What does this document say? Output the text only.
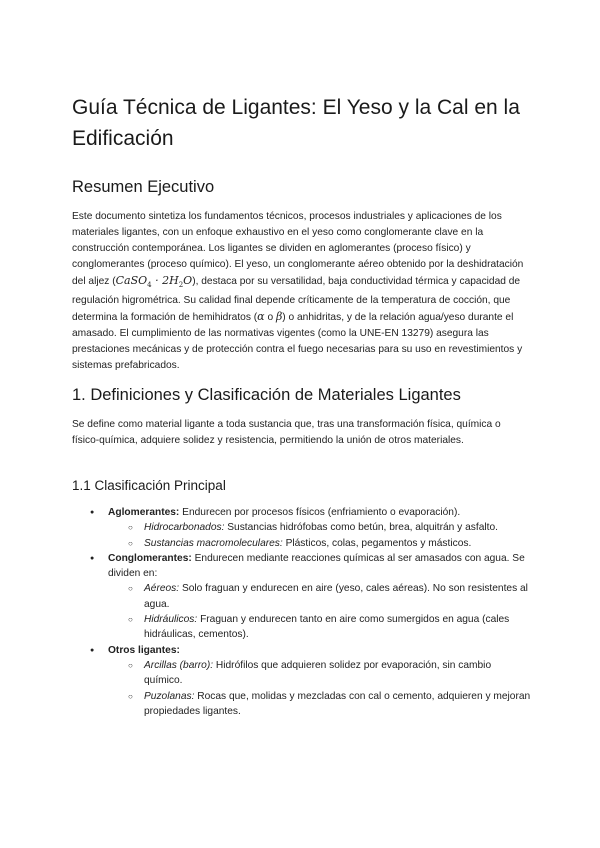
Guía Técnica de Ligantes: El Yeso y la Cal en la Edificación
Resumen Ejecutivo

Este documento sintetiza los fundamentos técnicos, procesos industriales y aplicaciones de los materiales ligantes, con un enfoque exhaustivo en el yeso como conglomerante clave en la construcción contemporánea. Los ligantes se dividen en aglomerantes (proceso físico) y conglomerantes (proceso químico). El yeso, un conglomerante aéreo obtenido por la deshidratación del aljez (CaSO$_4$ · $2H_2O$), destaca por su versatilidad, baja conductividad térmica y capacidad de regulación higrométrica. Su calidad final depende críticamente de la temperatura de cocción, que determina la formación de hemihidratos (α o β) o anhidritas, y de la relación agua/yeso durante el amasado. El cumplimiento de las normativas vigentes (como la UNE-EN 13279) asegura las prestaciones mecánicas y de protección contra el fuego necesarias para su uso en revestimientos y sistemas prefabricados.

1. Definiciones y Clasificación de Materiales Ligantes

Se define como material ligante a toda sustancia que, tras una transformación física, química o físico-química, adquiere solidez y resistencia, permitiendo la unión de otros materiales.

1.1 Clasificación Principal
● Aglomerantes: Endurecen por procesos físicos (enfriamiento o evaporación).
○ Hidrocarbonados: Sustancias hidrófobas como betún, brea, alquitrán y asfalto.
○ Sustancias macromoleculares: Plásticos, colas, pegamentos y másticos.
● Conglomerantes: Endurecen mediante reacciones químicas al ser amasados con agua. Se dividen en:
○ Aéreos: Solo fraguan y endurecen en aire (yeso, cales aéreas). No son resistentes al agua.
○ Hidráulicos: Fraguan y endurecen tanto en aire como sumergidos en agua (cales hidráulicas, cementos).
● Otros ligantes:
○ Arcillas (barro): Hidrófilos que adquieren solidez por evaporación, sin cambio químico.
○ Puzolanas: Rocas que, molidas y mezcladas con cal o cemento, adquieren y mejoran propiedades ligantes.
